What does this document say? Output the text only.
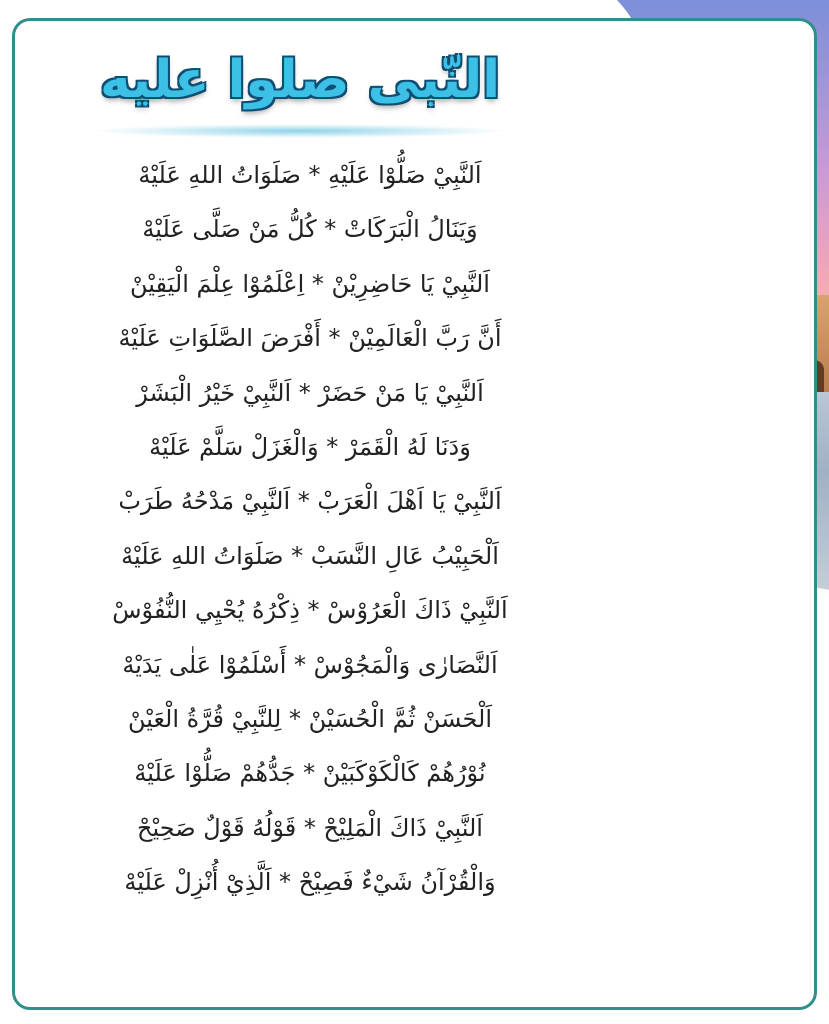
النّبى صلوا عليه
اَلنَّبِيْ صَلُّوْا عَلَيْهِ * صَلَوَاتُ اللهِ عَلَيْهْ
وَيَنَالُ الْبَرَكَاتْ * كُلُّ مَنْ صَلَّى عَلَيْهْ
اَلنَّبِيْ يَا حَاضِرِيْنْ * اِعْلَمُوْا عِلْمَ الْيَقِيْنْ
أَنَّ رَبَّ الْعَالَمِيْنْ * أَفْرَضَ الصَّلَوَاتِ عَلَيْهْ
اَلنَّبِيْ يَا مَنْ حَضَرْ * اَلنَّبِيْ خَيْرُ الْبَشَرْ
وَدَنَا لَهُ الْقَمَرْ * وَالْغَزَلْ سَلَّمْ عَلَيْهْ
اَلنَّبِيْ يَا اَهْلَ الْعَرَبْ * اَلنَّبِيْ مَدْحُهُ طَرَبْ
اَلْحَبِيْبُ عَالِ النَّسَبْ * صَلَوَاتُ اللهِ عَلَيْهْ
اَلنَّبِيْ ذَاكَ الْعَرُوْسْ * ذِكْرُهُ يُحْيِي النُّفُوْسْ
اَلنَّصَارٰى وَالْمَجُوْسْ * أَسْلَمُوْا عَلٰى يَدَيْهْ
اَلْحَسَنْ ثُمَّ الْحُسَيْنْ * لِلنَّبِيْ قُرَّةُ الْعَيْنْ
نُوْرُهُمْ كَالْكَوْكَبَيْنْ * جَدُّهُمْ صَلُّوْا عَلَيْهْ
اَلنَّبِيْ ذَاكَ الْمَلِيْحْ * قَوْلُهُ قَوْلٌ صَحِيْحْ
وَالْقُرْآنُ شَيْءٌ فَصِيْحْ * اَلَّذِيْ أُنْزِلْ عَلَيْهْ
